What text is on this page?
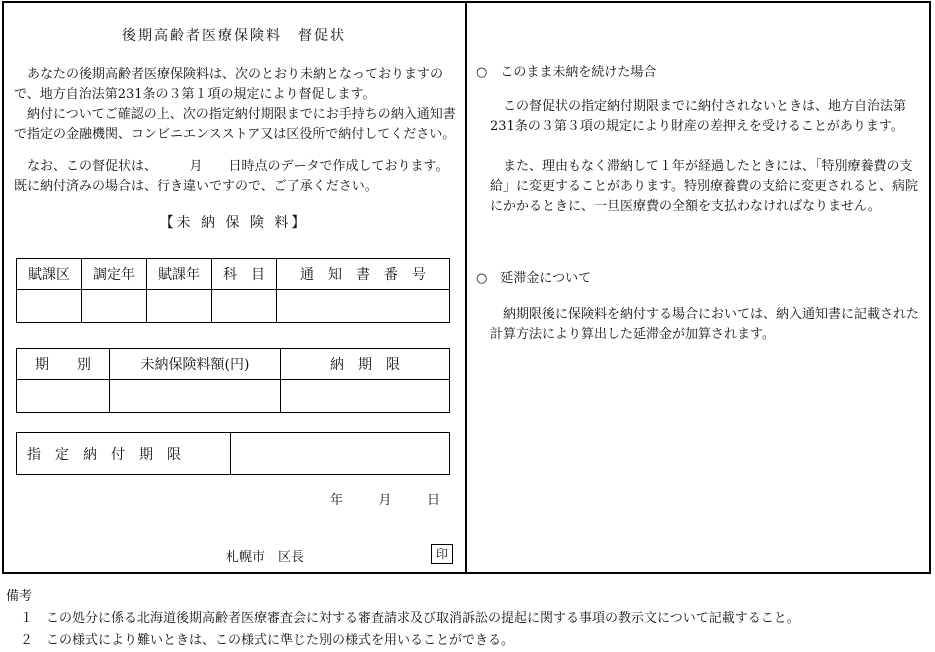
後期高齢者医療保険料　督促状

あなたの後期高齢者医療保険料は、次のとおり未納となっておりますので、地方自治法第231条の３第１項の規定により督促します。

納付についてご確認の上、次の指定納付期限までにお手持ちの納入通知書で指定の金融機関、コンビニエンスストア又は区役所で納付してください。

なお、この督促状は、　　　月　　日時点のデータで作成しております。既に納付済みの場合は、行き違いですので、ご了承ください。

【未 納 保 険 料】
賦課区	調定年	賦課年	科　目	通　知　書　番　号

期　　別	未納保険料額(円)	納　期　限

指　定　納　付　期　限	
年	月	日
札幌市　区長	印

○　このまま未納を続けた場合

この督促状の指定納付期限までに納付されないときは、地方自治法第231条の３第３項の規定により財産の差押えを受けることがあります。

また、理由もなく滞納して１年が経過したときには、「特別療養費の支給」に変更することがあります。特別療養費の支給に変更されると、病院にかかるときに、一旦医療費の全額を支払わなければなりません。

○　延滞金について

納期限後に保険料を納付する場合においては、納入通知書に記載された計算方法により算出した延滞金が加算されます。

備考
１　この処分に係る北海道後期高齢者医療審査会に対する審査請求及び取消訴訟の提起に関する事項の教示文について記載すること。
２　この様式により難いときは、この様式に準じた別の様式を用いることができる。
